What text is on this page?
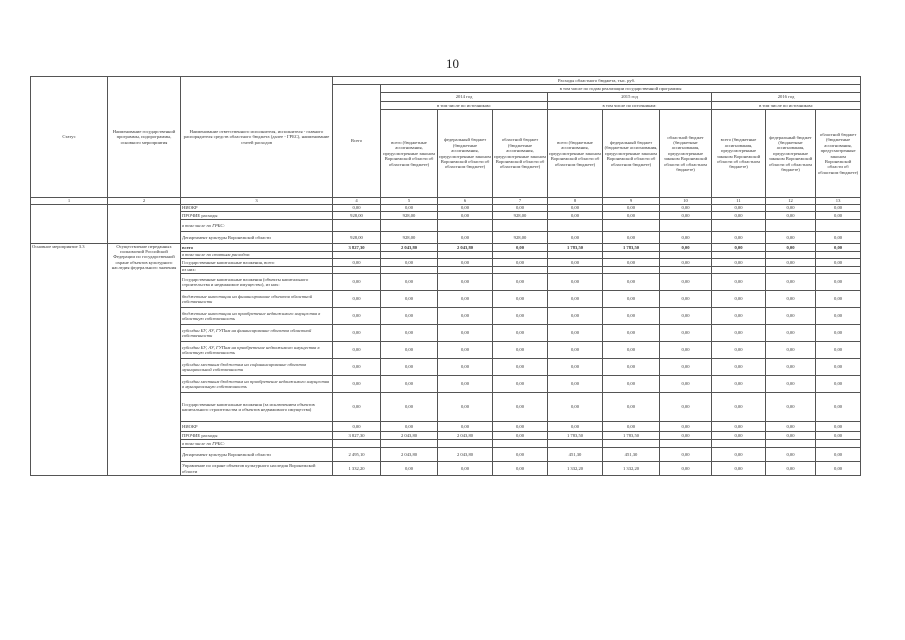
10
Статус	Наименование государственной программы, подпрограммы, основного мероприятия	Наименование ответственного исполнителя, исполнителя - главного распорядителя средств областного бюджета (далее - ГРБС), наименование статей расходов	Расходы областного бюджета, тыс. руб.									
			Всего	в том числе по годам реализации государственной программы								
				2014 год			2015 год			2016 год		
				в том числе по источникам:			в том числе по источникам:			в том числе по источникам:		
				всего (бюджетные ассигнования, предусмотренные законом Воронежской области об областном бюджете)	федеральный бюджет (бюджетные ассигнования, предусмотренные законом Воронежской области об областном бюджете)	областной бюджет (бюджетные ассигнования, предусмотренные законом Воронежской области об областном бюджете)	всего (бюджетные ассигнования, предусмотренные законом Воронежской области об областном бюджете)	федеральный бюджет (бюджетные ассигнования, предусмотренные законом Воронежской области об областном бюджете)	областной бюджет (бюджетные ассигнования, предусмотренные законом Воронежской области об областном бюджете)	всего (бюджетные ассигнования, предусмотренные законом Воронежской области об областном бюджете)	федеральный бюджет (бюджетные ассигнования, предусмотренные законом Воронежской области об областном бюджете)	областной бюджет (бюджетные ассигнования, предусмотренные законом Воронежской области об областном бюджете)
1	2	3	4	5	6	7	8	9	10	11	12	13
		НИОКР	0,00	0,00	0,00	0,00	0,00	0,00	0,00	0,00	0,00	0,00
		ПРОЧИЕ расходы	928,00	928,00	0,00	928,00	0,00	0,00	0,00	0,00	0,00	0,00
		в том числе по ГРБС:										
		Департамент культуры Воронежской области	928,00	928,00	0,00	928,00	0,00	0,00	0,00	0,00	0,00	0,00
Основное мероприятие 3.3	Осуществление переданных полномочий Российской Федерации по государственной охране объектов культурного наследия федерального значения	всего	3 827,30	2 043,80	2 043,80	0,00	1 783,50	1 783,50	0,00	0,00	0,00	0,00
		в том числе по статьям расходов:										
		Государственные капитальные вложения, всего	0,00	0,00	0,00	0,00	0,00	0,00	0,00	0,00	0,00	0,00
		из них:										
		Государственные капитальные вложения (объекты капитального строительства и недвижимое имущество), из них:	0,00	0,00	0,00	0,00	0,00	0,00	0,00	0,00	0,00	0,00
		бюджетные инвестиции на финансирование объектов областной собственности	0,00	0,00	0,00	0,00	0,00	0,00	0,00	0,00	0,00	0,00
		бюджетные инвестиции на приобретение недвижимого имущества в областную собственность	0,00	0,00	0,00	0,00	0,00	0,00	0,00	0,00	0,00	0,00
		субсидии БУ, АУ, ГУПам на финансирование объектов областной собственности	0,00	0,00	0,00	0,00	0,00	0,00	0,00	0,00	0,00	0,00
		субсидии БУ, АУ, ГУПам на приобретение недвижимого имущества в областную собственность	0,00	0,00	0,00	0,00	0,00	0,00	0,00	0,00	0,00	0,00
		субсидии местным бюджетам на софинансирование объектов муниципальной собственности	0,00	0,00	0,00	0,00	0,00	0,00	0,00	0,00	0,00	0,00
		субсидии местным бюджетам на приобретение недвижимого имущества в муниципальную собственность	0,00	0,00	0,00	0,00	0,00	0,00	0,00	0,00	0,00	0,00
		Государственные капитальные вложения (за исключением объектов капитального строительства и объектов недвижимого имущества)	0,00	0,00	0,00	0,00	0,00	0,00	0,00	0,00	0,00	0,00
		НИОКР	0,00	0,00	0,00	0,00	0,00	0,00	0,00	0,00	0,00	0,00
		ПРОЧИЕ расходы	3 827,30	2 043,80	2 043,80	0,00	1 783,50	1 783,50	0,00	0,00	0,00	0,00
		в том числе по ГРБС:										
		Департамент культуры Воронежской области	2 495,10	2 043,80	2 043,80	0,00	451,30	451,30	0,00	0,00	0,00	0,00
		Управление по охране объектов культурного наследия Воронежской области	1 332,20	0,00	0,00	0,00	1 332,20	1 332,20	0,00	0,00	0,00	0,00
